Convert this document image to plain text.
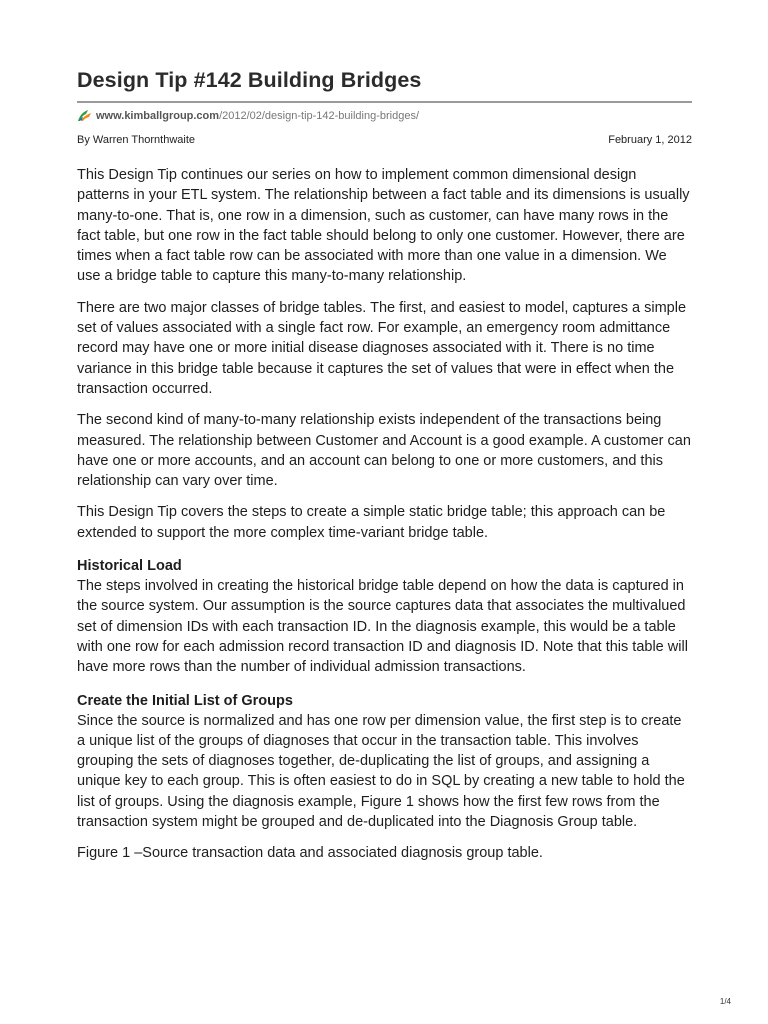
Design Tip #142 Building Bridges
www.kimballgroup.com /2012/02/design-tip-142-building-bridges/
By Warren Thornthwaite	February 1, 2012

This Design Tip continues our series on how to implement common dimensional design patterns in your ETL system. The relationship between a fact table and its dimensions is usually many-to-one. That is, one row in a dimension, such as customer, can have many rows in the fact table, but one row in the fact table should belong to only one customer. However, there are times when a fact table row can be associated with more than one value in a dimension. We use a bridge table to capture this many-to-many relationship.

There are two major classes of bridge tables. The first, and easiest to model, captures a simple set of values associated with a single fact row. For example, an emergency room admittance record may have one or more initial disease diagnoses associated with it. There is no time variance in this bridge table because it captures the set of values that were in effect when the transaction occurred.

The second kind of many-to-many relationship exists independent of the transactions being measured. The relationship between Customer and Account is a good example. A customer can have one or more accounts, and an account can belong to one or more customers, and this relationship can vary over time.

This Design Tip covers the steps to create a simple static bridge table; this approach can be extended to support the more complex time-variant bridge table.

Historical Load

The steps involved in creating the historical bridge table depend on how the data is captured in the source system. Our assumption is the source captures data that associates the multivalued set of dimension IDs with each transaction ID. In the diagnosis example, this would be a table with one row for each admission record transaction ID and diagnosis ID. Note that this table will have more rows than the number of individual admission transactions.

Create the Initial List of Groups

Since the source is normalized and has one row per dimension value, the first step is to create a unique list of the groups of diagnoses that occur in the transaction table. This involves grouping the sets of diagnoses together, de-duplicating the list of groups, and assigning a unique key to each group. This is often easiest to do in SQL by creating a new table to hold the list of groups. Using the diagnosis example, Figure 1 shows how the first few rows from the transaction system might be grouped and de-duplicated into the Diagnosis Group table.

Figure 1 –Source transaction data and associated diagnosis group table.

1/4
